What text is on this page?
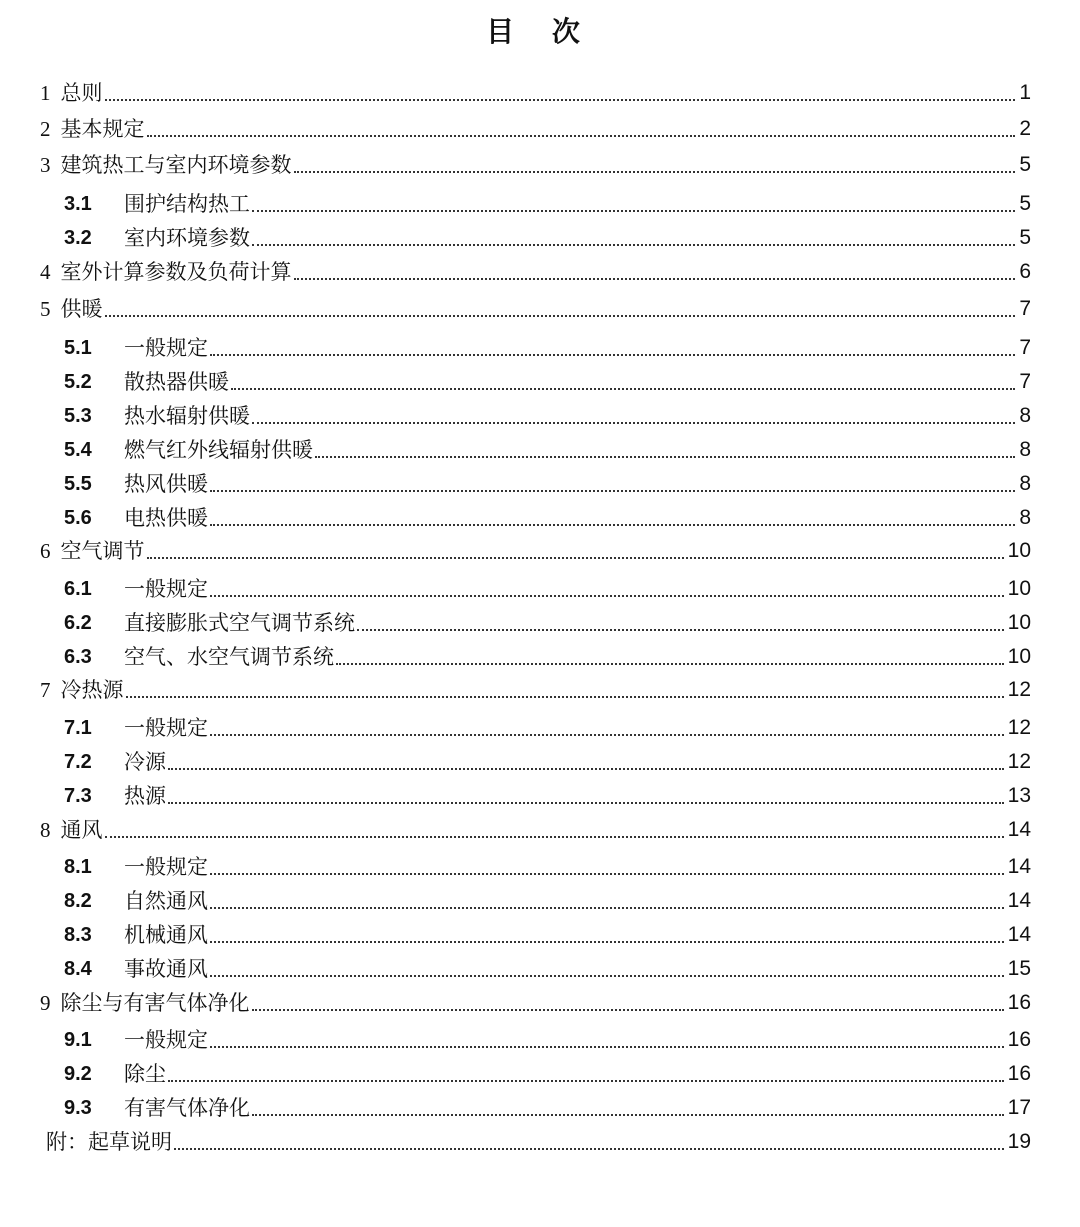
目 次
1 总则	1
2 基本规定	2
3 建筑热工与室内环境参数	5
3.1	围护结构热工	5
3.2	室内环境参数	5
4 室外计算参数及负荷计算	6
5 供暖	7
5.1	一般规定	7
5.2	散热器供暖	7
5.3	热水辐射供暖	8
5.4	燃气红外线辐射供暖	8
5.5	热风供暖	8
5.6	电热供暖	8
6 空气调节	10
6.1	一般规定	10
6.2	直接膨胀式空气调节系统	10
6.3	空气、水空气调节系统	10
7 冷热源	12
7.1	一般规定	12
7.2	冷源	12
7.3	热源	13
8 通风	14
8.1	一般规定	14
8.2	自然通风	14
8.3	机械通风	14
8.4	事故通风	15
9 除尘与有害气体净化	16
9.1	一般规定	16
9.2	除尘	16
9.3	有害气体净化	17
附：起草说明	19
